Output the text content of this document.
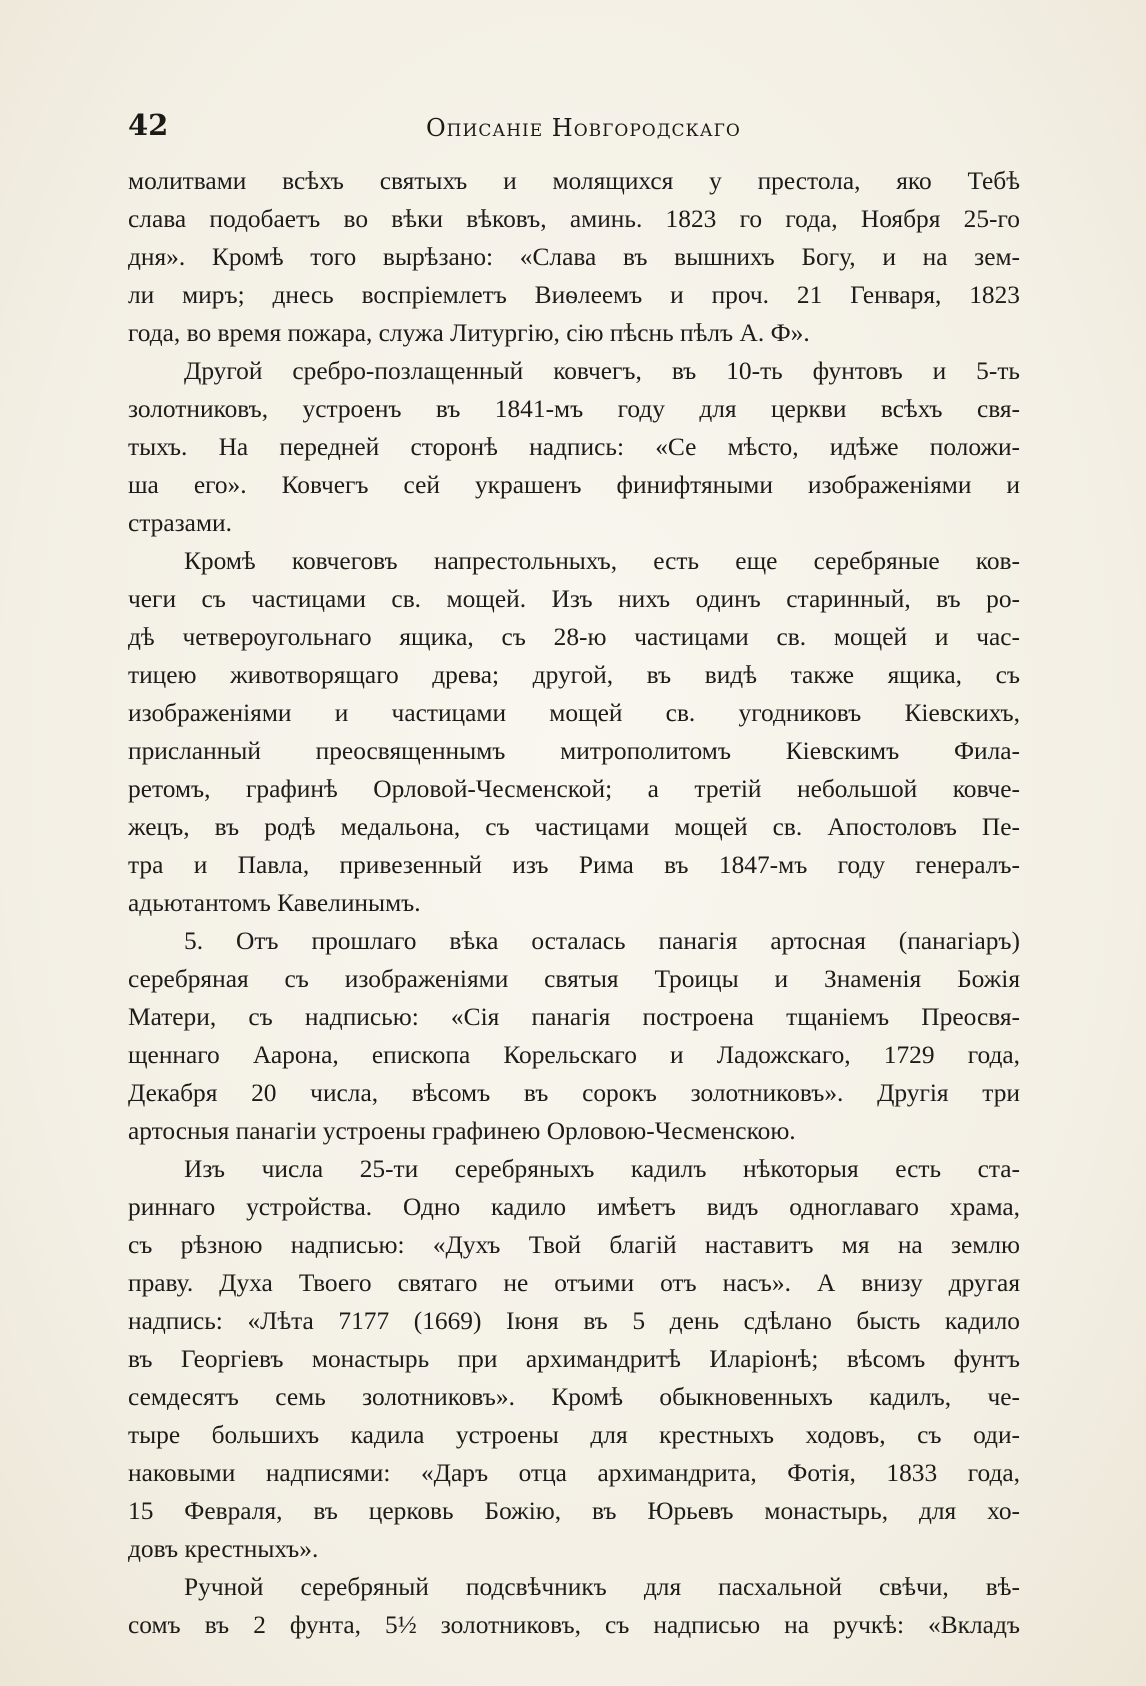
42	Описаніе Новгородскаго
молитвами всѣхъ святыхъ и молящихся у престола, яко Тебѣ
слава подобаетъ во вѣки вѣковъ, аминь. 1823 го года, Ноября 25-го
дня». Кромѣ того вырѣзано: «Слава въ вышнихъ Богу, и на зем-
ли миръ; днесь воспріемлетъ Виѳлеемъ и проч. 21 Генваря, 1823
года, во время пожара, служа Литургію, сію пѣснь пѣлъ А. Ф».
Другой сребро-позлащенный ковчегъ, въ 10-ть фунтовъ и 5-ть
золотниковъ, устроенъ въ 1841-мъ году для церкви всѣхъ свя-
тыхъ. На передней сторонѣ надпись: «Се мѣсто, идѣже положи-
ша его». Ковчегъ сей украшенъ финифтяными изображеніями и
стразами.
Кромѣ ковчеговъ напрестольныхъ, есть еще серебряные ков-
чеги съ частицами св. мощей. Изъ нихъ одинъ старинный, въ ро-
дѣ четвероугольнаго ящика, съ 28-ю частицами св. мощей и час-
тицею животворящаго древа; другой, въ видѣ также ящика, съ
изображеніями и частицами мощей св. угодниковъ Кіевскихъ,
присланный преосвященнымъ митрополитомъ Кіевскимъ Фила-
ретомъ, графинѣ Орловой-Чесменской; а третій небольшой ковче-
жецъ, въ родѣ медальона, съ частицами мощей св. Апостоловъ Пе-
тра и Павла, привезенный изъ Рима въ 1847-мъ году генералъ-
адьютантомъ Кавелинымъ.
5. Отъ прошлаго вѣка осталась панагія артосная (панагіаръ)
серебряная съ изображеніями святыя Троицы и Знаменія Божія
Матери, съ надписью: «Сія панагія построена тщаніемъ Преосвя-
щеннаго Аарона, епископа Корельскаго и Ладожскаго, 1729 года,
Декабря 20 числа, вѣсомъ въ сорокъ золотниковъ». Другія три
артосныя панагіи устроены графинею Орловою-Чесменскою.
Изъ числа 25-ти серебряныхъ кадилъ нѣкоторыя есть ста-
риннаго устройства. Одно кадило имѣетъ видъ одноглаваго храма,
съ рѣзною надписью: «Духъ Твой благій наставитъ мя на землю
праву. Духа Твоего святаго не отъими отъ насъ». А внизу другая
надпись: «Лѣта 7177 (1669) Іюня въ 5 день сдѣлано бысть кадило
въ Георгіевъ монастырь при архимандритѣ Иларіонѣ; вѣсомъ фунтъ
семдесятъ семь золотниковъ». Кромѣ обыкновенныхъ кадилъ, че-
тыре большихъ кадила устроены для крестныхъ ходовъ, съ оди-
наковыми надписями: «Даръ отца архимандрита, Фотія, 1833 года,
15 Февраля, въ церковь Божію, въ Юрьевъ монастырь, для хо-
довъ крестныхъ».
Ручной серебряный подсвѣчникъ для пасхальной свѣчи, вѣ-
сомъ въ 2 фунта, 5½ золотниковъ, съ надписью на ручкѣ: «Вкладъ
